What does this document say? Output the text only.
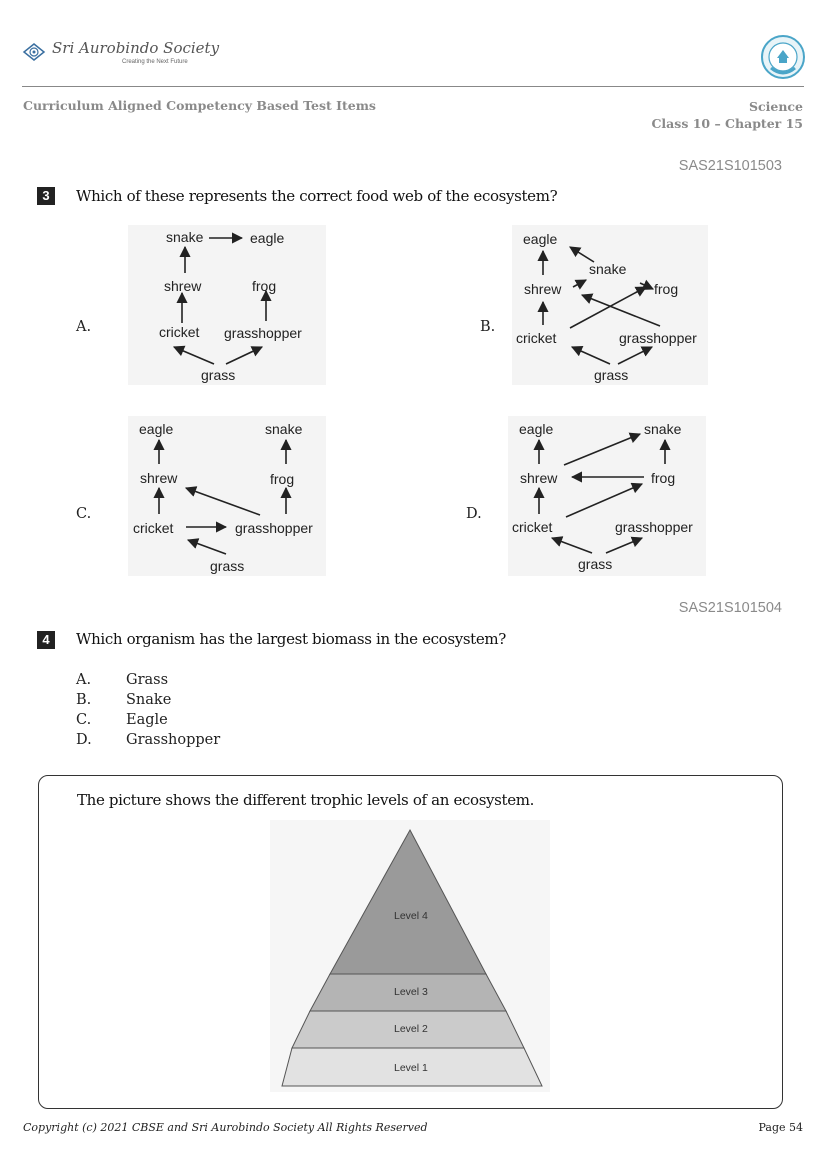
Sri Aurobindo Society
Creating the Next Future
Curriculum Aligned Competency Based Test Items	Science
Class 10 – Chapter 15
SAS21S101503
3	Which of these represents the correct food web of the ecosystem?
A.
snake	eagle
shrew	frog
cricket grasshopper
grass
B.
eagle
snake
shrew	frog
cricket	grasshopper
grass
C.
eagle	snake
shrew	frog
cricket	grasshopper
grass
D.
eagle	snake
shrew	frog
cricket	grasshopper
grass
SAS21S101504
4	Which organism has the largest biomass in the ecosystem?
A.	Grass
B.	Snake
C.	Eagle
D.	Grasshopper
The picture shows the different trophic levels of an ecosystem.
Level 4
Level 3
Level 2
Level 1
Copyright (c) 2021 CBSE and Sri Aurobindo Society All Rights Reserved	Page 54
